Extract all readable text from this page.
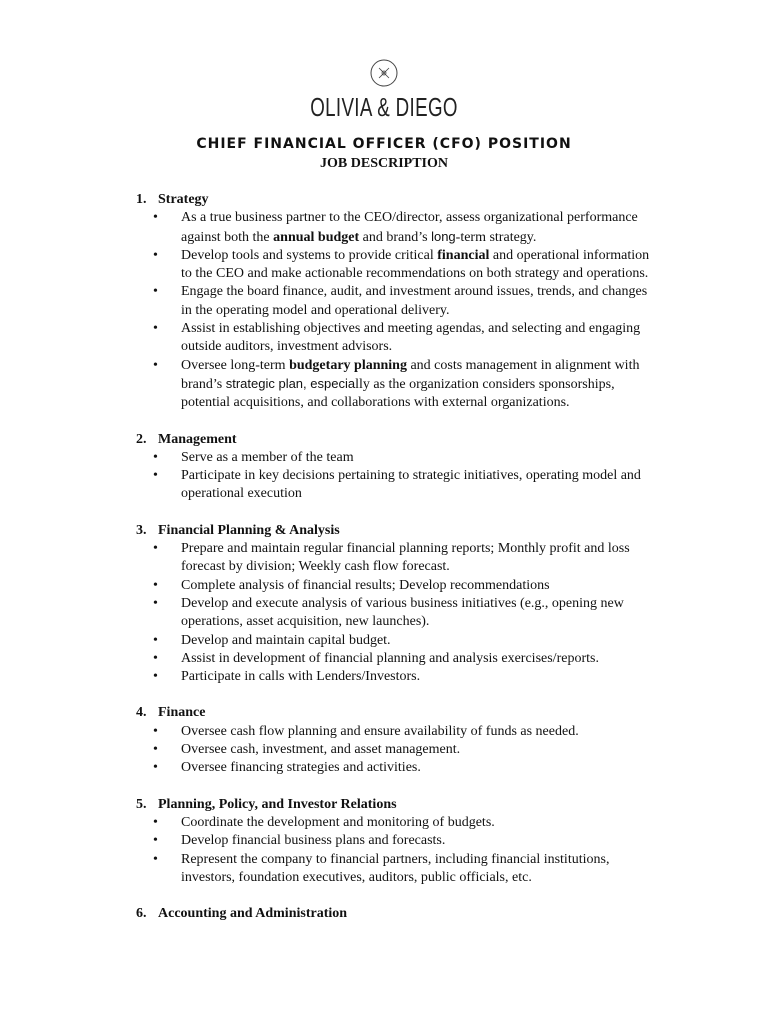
OLIVIA & DIEGO
CHIEF FINANCIAL OFFICER (CFO) POSITION
JOB DESCRIPTION
1. Strategy
• As a true business partner to the CEO/director, assess organizational performance against both the annual budget and brand’s long-term strategy.
• Develop tools and systems to provide critical financial and operational information to the CEO and make actionable recommendations on both strategy and operations.
• Engage the board finance, audit, and investment around issues, trends, and changes in the operating model and operational delivery.
• Assist in establishing objectives and meeting agendas, and selecting and engaging outside auditors, investment advisors.
• Oversee long-term budgetary planning and costs management in alignment with brand’s strategic plan, especially as the organization considers sponsorships, potential acquisitions, and collaborations with external organizations.
2. Management
• Serve as a member of the team
• Participate in key decisions pertaining to strategic initiatives, operating model and operational execution
3. Financial Planning & Analysis
• Prepare and maintain regular financial planning reports; Monthly profit and loss forecast by division; Weekly cash flow forecast.
• Complete analysis of financial results; Develop recommendations
• Develop and execute analysis of various business initiatives (e.g., opening new operations, asset acquisition, new launches).
• Develop and maintain capital budget.
• Assist in development of financial planning and analysis exercises/reports.
• Participate in calls with Lenders/Investors.
4. Finance
• Oversee cash flow planning and ensure availability of funds as needed.
• Oversee cash, investment, and asset management.
• Oversee financing strategies and activities.
5. Planning, Policy, and Investor Relations
• Coordinate the development and monitoring of budgets.
• Develop financial business plans and forecasts.
• Represent the company to financial partners, including financial institutions, investors, foundation executives, auditors, public officials, etc.
6. Accounting and Administration
